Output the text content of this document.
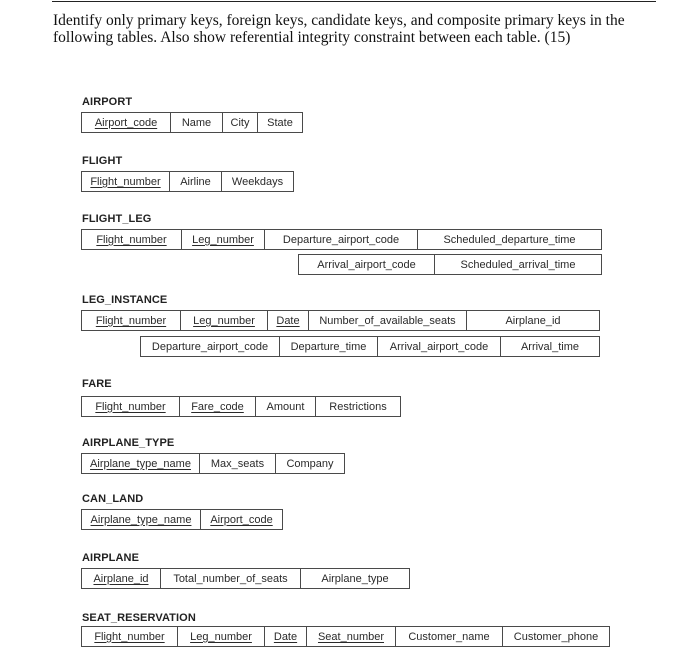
Identify only primary keys, foreign keys, candidate keys, and composite primary keys in the following tables. Also show referential integrity constraint between each table. (15)
AIRPORT
Airport_code	Name	City	State
FLIGHT
Flight_number	Airline	Weekdays
FLIGHT_LEG
Flight_number Leg_number	Departure_airport_code	Scheduled_departure_time
Arrival_airport_code	Scheduled_arrival_time
LEG_INSTANCE
Flight_number Leg_number Date	Number_of_available_seats	Airplane_id
Departure_airport_code	Departure_time	Arrival_airport_code	Arrival_time
FARE
Flight_number Fare_code	Amount	Restrictions
AIRPLANE_TYPE
Airplane_type_name	Max_seats	Company
CAN_LAND
Airplane_type_name Airport_code
AIRPLANE
Airplane_id	Total_number_of_seats	Airplane_type
SEAT_RESERVATION
Flight_number Leg_number Date Seat_number	Customer_name	Customer_phone
